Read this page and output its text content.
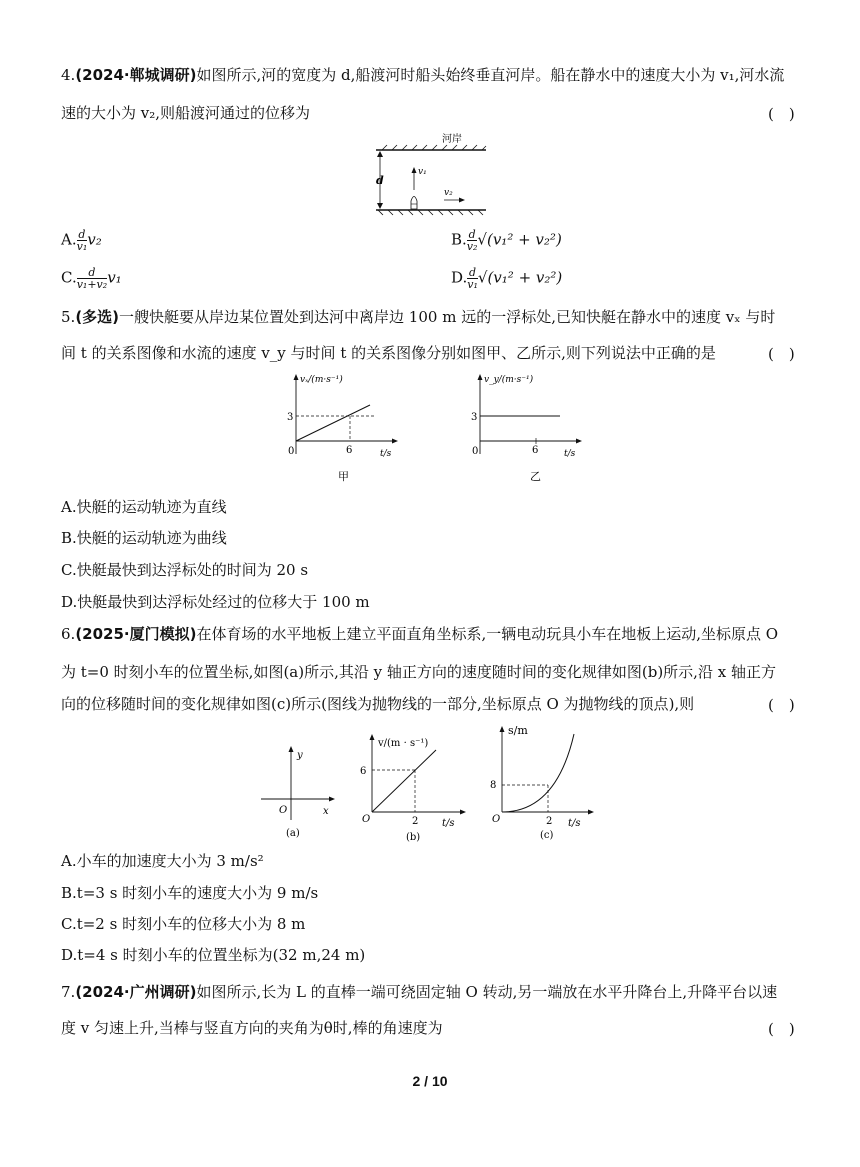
4.(2024·郸城调研)如图所示,河的宽度为 d,船渡河时船头始终垂直河岸。船在静水中的速度大小为 v₁,河水流
速的大小为 v₂,则船渡河通过的位移为	(　)
河岸
d
v₁
v₂
A. $\frac{d}{\text{v₁}} v_2$	B. $\frac{d}{\text{v₂}} √(v_1^2 + v_2^2)$
C. $\frac{d}{\text{v₁+v₂}} v_1$	D. $\frac{d}{\text{v₁}} √(v_1^2 + v_2^2)$
5.(多选)一艘快艇要从岸边某位置处到达河中离岸边 100 m 远的一浮标处,已知快艇在静水中的速度 vₓ 与时
间 t 的关系图像和水流的速度 v_y 与时间 t 的关系图像分别如图甲、乙所示,则下列说法中正确的是	(　)
vₓ/(m·s⁻¹)
t/s
3
6
0
甲
v_y/(m·s⁻¹)
t/s
3
6
0
乙
A.快艇的运动轨迹为直线
B.快艇的运动轨迹为曲线
C.快艇最快到达浮标处的时间为 20 s
D.快艇最快到达浮标处经过的位移大于 100 m
6.(2025·厦门模拟)在体育场的水平地板上建立平面直角坐标系,一辆电动玩具小车在地板上运动,坐标原点 O
为 t=0 时刻小车的位置坐标,如图(a)所示,其沿 y 轴正方向的速度随时间的变化规律如图(b)所示,沿 x 轴正方
向的位移随时间的变化规律如图(c)所示(图线为抛物线的一部分,坐标原点 O 为抛物线的顶点),则	(　)
y
x
O
(a)
v/(m · s⁻¹)
t/s
6
2
O
(b)
s/m
t/s
8
2
O
(c)
A.小车的加速度大小为 3 m/s²
B.t=3 s 时刻小车的速度大小为 9 m/s
C.t=2 s 时刻小车的位移大小为 8 m
D.t=4 s 时刻小车的位置坐标为(32 m,24 m)
7.(2024·广州调研)如图所示,长为 L 的直棒一端可绕固定轴 O 转动,另一端放在水平升降台上,升降平台以速
度 v 匀速上升,当棒与竖直方向的夹角为θ时,棒的角速度为	(　)
2 / 10
